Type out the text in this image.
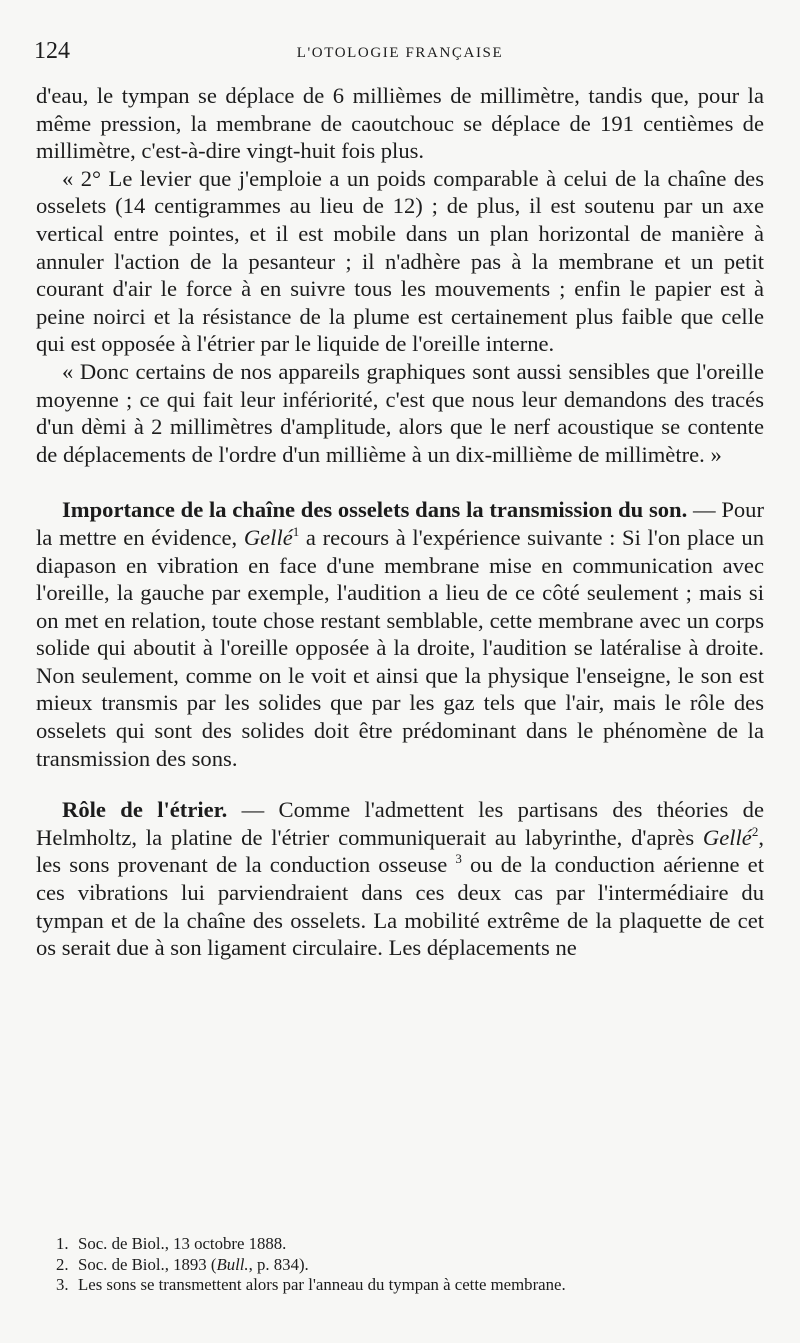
124	L'OTOLOGIE FRANÇAISE

d'eau, le tympan se déplace de 6 millièmes de millimètre, tandis que, pour la même pression, la membrane de caoutchouc se déplace de 191 centièmes de millimètre, c'est-à-dire vingt-huit fois plus.

« 2° Le levier que j'emploie a un poids comparable à celui de la chaîne des osselets (14 centigrammes au lieu de 12) ; de plus, il est soutenu par un axe vertical entre pointes, et il est mobile dans un plan horizontal de manière à annuler l'action de la pesanteur ; il n'adhère pas à la membrane et un petit courant d'air le force à en suivre tous les mouvements ; enfin le papier est à peine noirci et la résistance de la plume est certainement plus faible que celle qui est opposée à l'étrier par le liquide de l'oreille interne.

« Donc certains de nos appareils graphiques sont aussi sensibles que l'oreille moyenne ; ce qui fait leur infériorité, c'est que nous leur demandons des tracés d'un dèmi à 2 millimètres d'amplitude, alors que le nerf acoustique se contente de déplacements de l'ordre d'un millième à un dix-millième de millimètre. »

Importance de la chaîne des osselets dans la transmission du son. — Pour la mettre en évidence, Gellé$^1$ a recours à l'expérience suivante : Si l'on place un diapason en vibration en face d'une membrane mise en communication avec l'oreille, la gauche par exemple, l'audition a lieu de ce côté seulement ; mais si on met en relation, toute chose restant semblable, cette membrane avec un corps solide qui aboutit à l'oreille opposée à la droite, l'audition se latéralise à droite. Non seulement, comme on le voit et ainsi que la physique l'enseigne, le son est mieux transmis par les solides que par les gaz tels que l'air, mais le rôle des osselets qui sont des solides doit être prédominant dans le phénomène de la transmission des sons.

Rôle de l'étrier. — Comme l'admettent les partisans des théories de Helmholtz, la platine de l'étrier communiquerait au labyrinthe, d'après Gellé$^2$, les sons provenant de la conduction osseuse $^3$ ou de la conduction aérienne et ces vibrations lui parviendraient dans ces deux cas par l'intermédiaire du tympan et de la chaîne des osselets. La mobilité extrême de la plaquette de cet os serait due à son ligament circulaire. Les déplacements ne

1. Soc. de Biol., 13 octobre 1888.

2. Soc. de Biol., 1893 (Bull., p. 834).

3. Les sons se transmettent alors par l'anneau du tympan à cette membrane.
